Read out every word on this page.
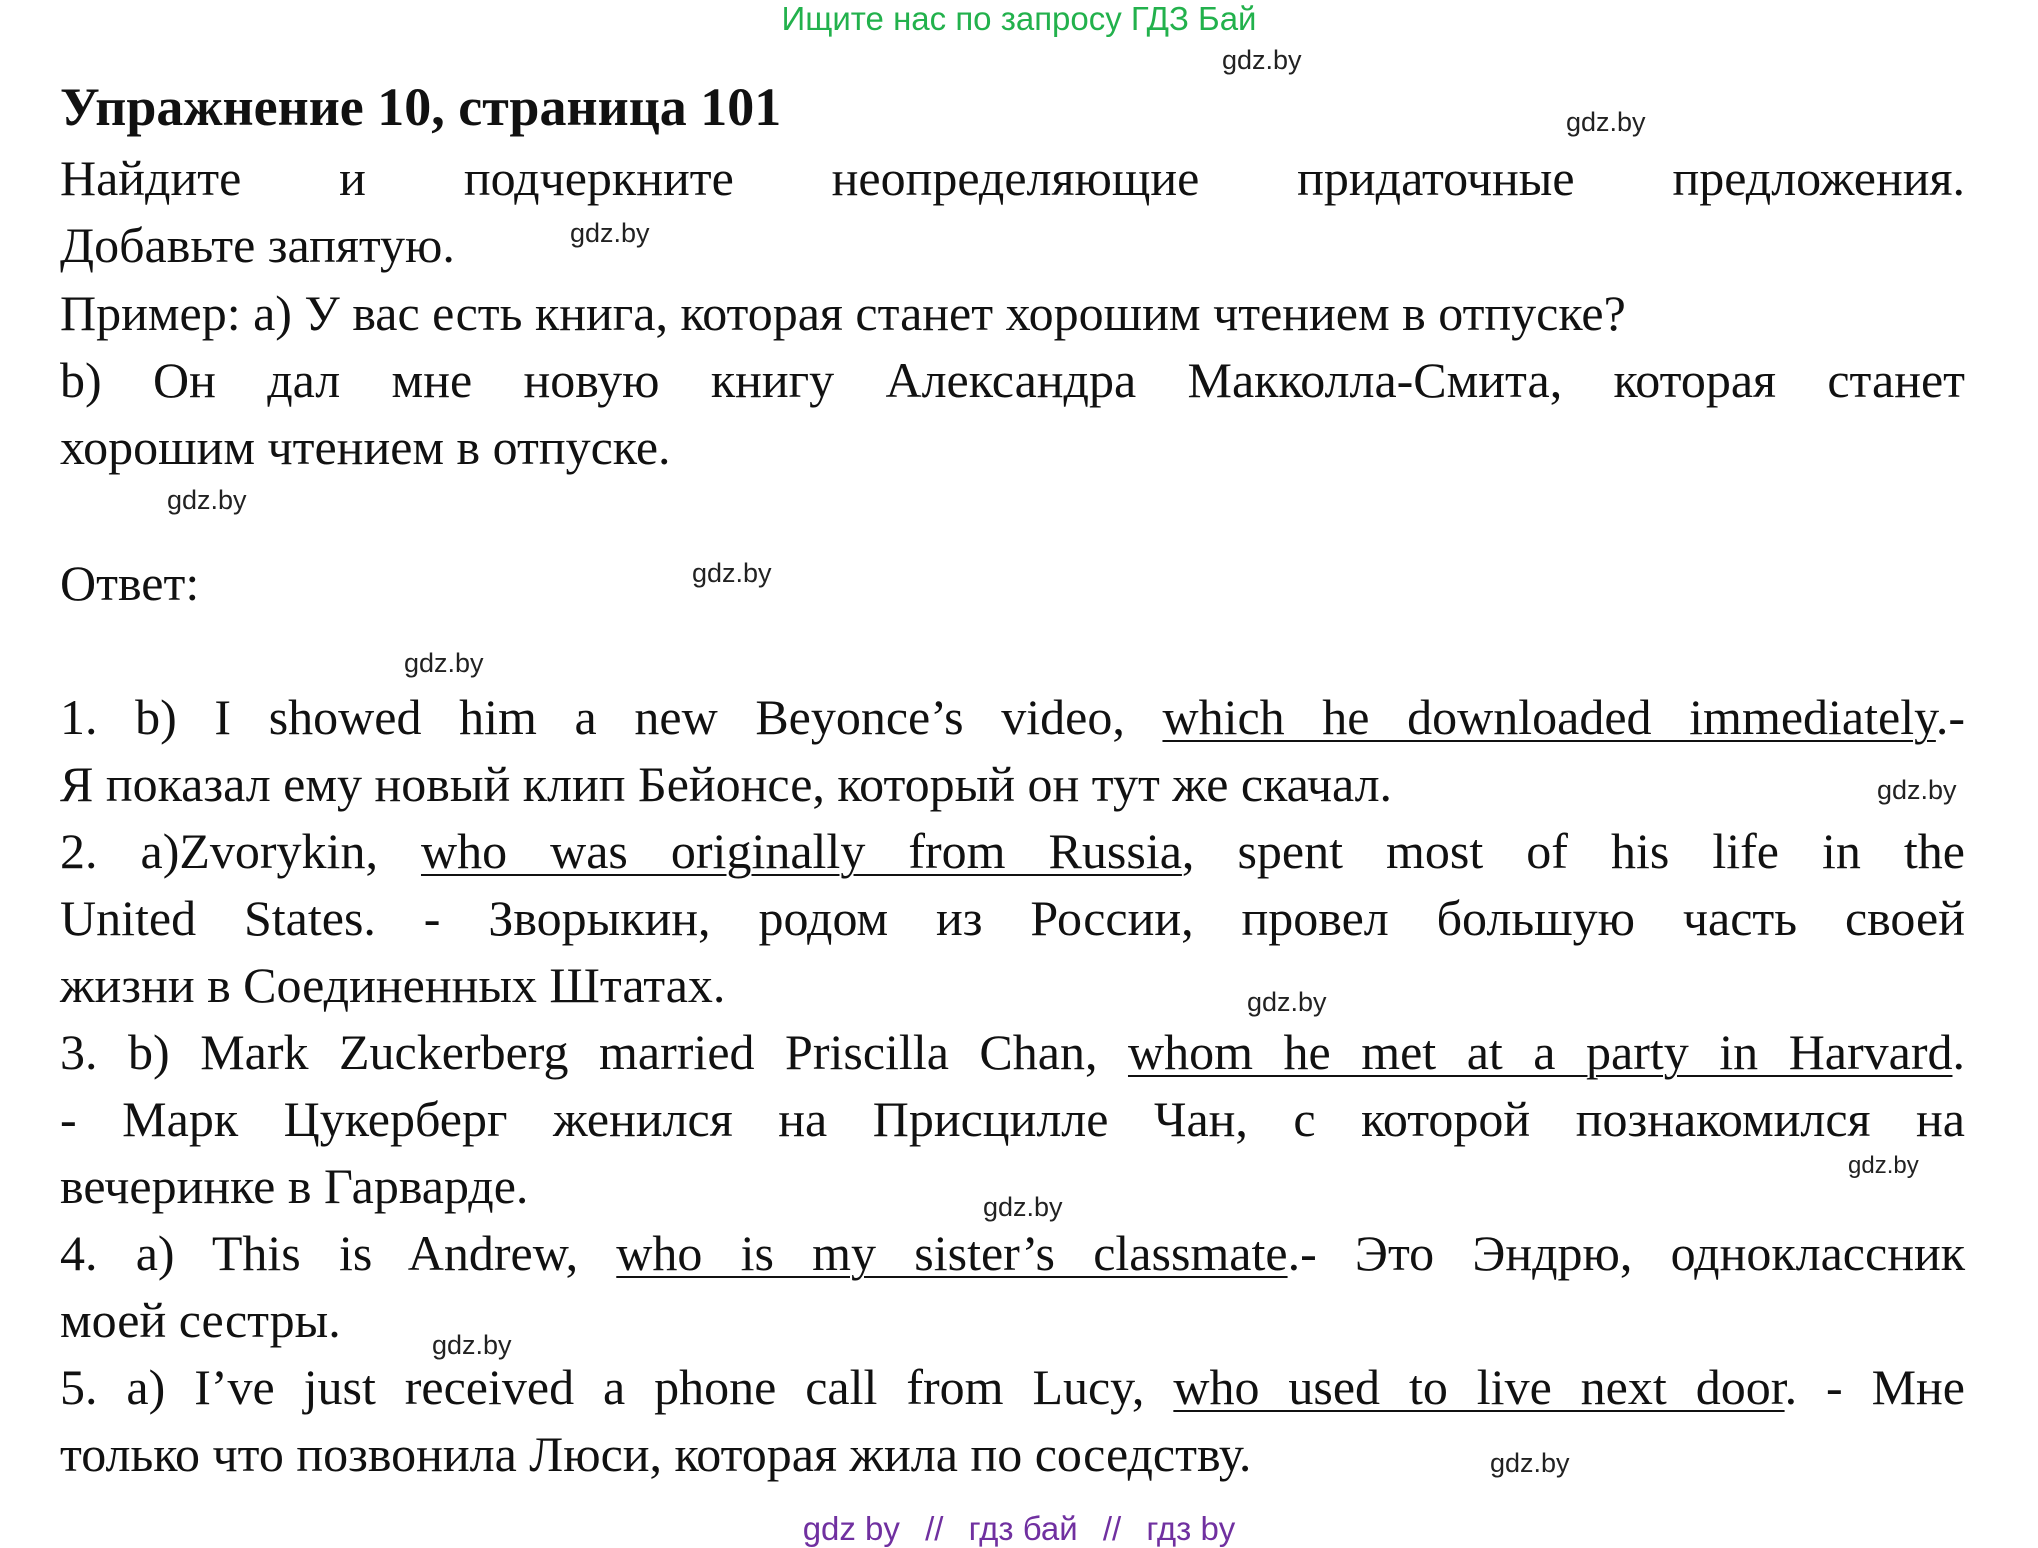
Ищите нас по запросу ГДЗ Бай
Упражнение 10, страница 101
Найдите и подчеркните неопределяющие придаточные предложения.
Добавьте запятую.
Пример: а) У вас есть книга, которая станет хорошим чтением в отпуске?
b) Он дал мне новую книгу Александра Макколла-Смита, которая станет
хорошим чтением в отпуске.
Ответ:
1. b) I showed him a new Beyonce’s video, which he downloaded immediately.-
Я показал ему новый клип Бейонсе, который он тут же скачал.
2. a)Zvorykin, who was originally from Russia, spent most of his life in the
United States. - Зворыкин, родом из России, провел большую часть своей
жизни в Соединенных Штатах.
3. b) Mark Zuckerberg married Priscilla Chan, whom he met at a party in Harvard.
- Марк Цукерберг женился на Присцилле Чан, с которой познакомился на
вечеринке в Гарварде.
4. a) This is Andrew, who is my sister’s classmate.- Это Эндрю, одноклассник
моей сестры.
5. a) I’ve just received a phone call from Lucy, who used to live next door. - Мне
только что позвонила Люси, которая жила по соседству.
gdz.by
gdz.by
gdz.by
gdz.by
gdz.by
gdz.by
gdz.by
gdz.by
gdz.by
gdz.by
gdz.by
gdz.by
gdz by // гдз бай // гдз by
